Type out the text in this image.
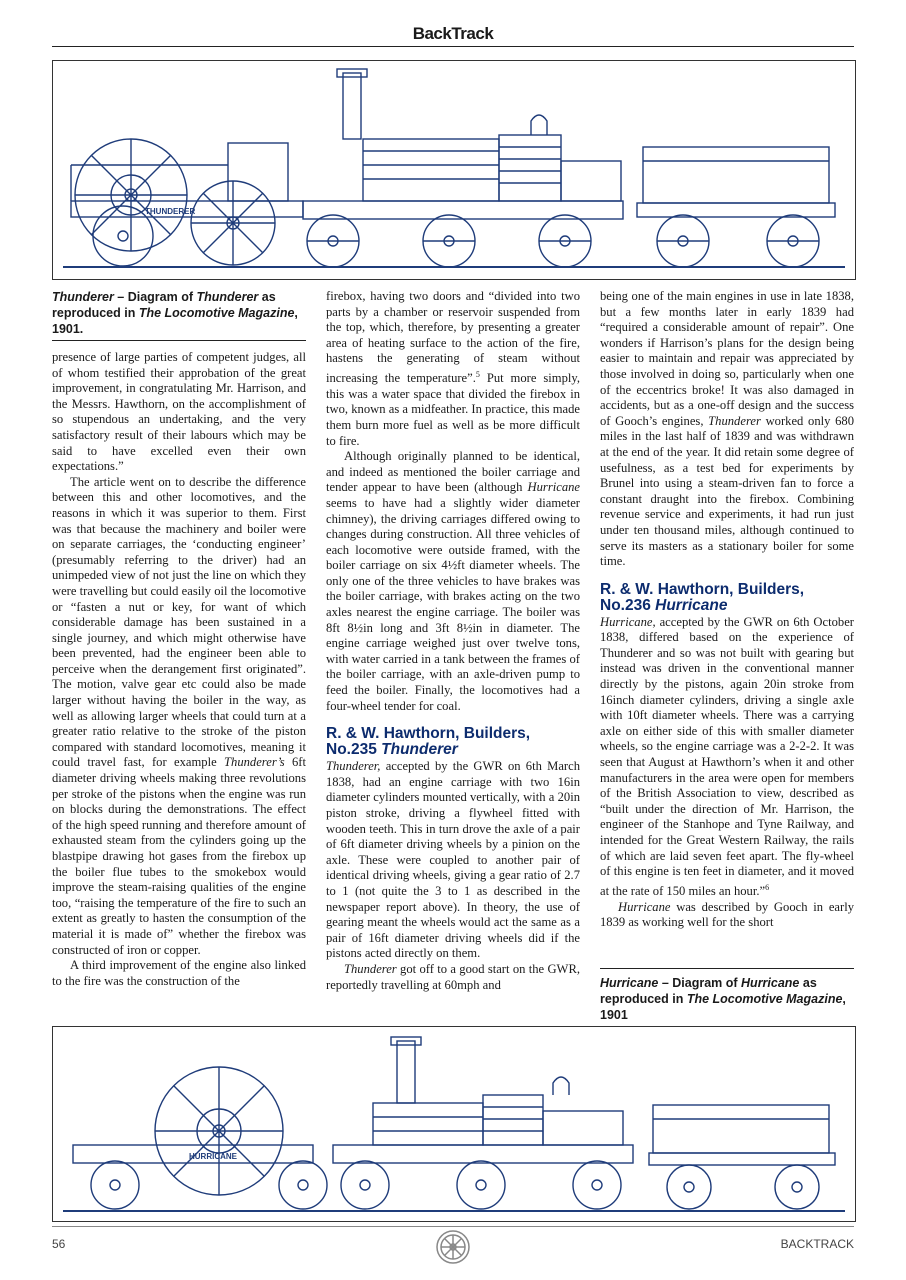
BackTrack
THUNDERER
Thunderer – Diagram of Thunderer as reproduced in The Locomotive Magazine, 1901.

presence of large parties of competent judges, all of whom testified their approbation of the great improvement, in congratulating Mr. Harrison, and the Messrs. Hawthorn, on the accomplishment of so stupendous an undertaking, and the very satisfactory result of their labours which may be said to have excelled even their own expectations.”

The article went on to describe the difference between this and other locomotives, and the reasons in which it was superior to them. First was that because the machinery and boiler were on separate carriages, the ‘conducting engineer’ (presumably referring to the driver) had an unimpeded view of not just the line on which they were travelling but could easily oil the locomotive or “fasten a nut or key, for want of which considerable damage has been sustained in a single journey, and which might otherwise have been prevented, had the engineer been able to perceive when the derangement first originated”. The motion, valve gear etc could also be made larger without having the boiler in the way, as well as allowing larger wheels that could turn at a greater ratio relative to the stroke of the piston compared with standard locomotives, meaning it could travel fast, for example Thunderer’s 6ft diameter driving wheels making three revolutions per stroke of the pistons when the engine was run on blocks during the demonstrations. The effect of the high speed running and therefore amount of exhausted steam from the cylinders going up the blastpipe drawing hot gases from the firebox up the boiler flue tubes to the smokebox would improve the steam-raising qualities of the engine too, “raising the temperature of the fire to such an extent as greatly to hasten the consumption of the material it is made of” whether the firebox was constructed of iron or copper.

A third improvement of the engine also linked to the fire was the construction of the

firebox, having two doors and “divided into two parts by a chamber or reservoir suspended from the top, which, therefore, by presenting a greater area of heating surface to the action of the fire, hastens the generating of steam without increasing the temperature”.$^5$ Put more simply, this was a water space that divided the firebox in two, known as a midfeather. In practice, this made them burn more fuel as well as be more difficult to fire.

Although originally planned to be identical, and indeed as mentioned the boiler carriage and tender appear to have been (although Hurricane seems to have had a slightly wider diameter chimney), the driving carriages differed owing to changes during construction. All three vehicles of each locomotive were outside framed, with the boiler carriage on six 4½ft diameter wheels. The only one of the three vehicles to have brakes was the boiler carriage, with brakes acting on the two axles nearest the engine carriage. The boiler was 8ft 8½in long and 3ft 8½in in diameter. The engine carriage weighed just over twelve tons, with water carried in a tank between the frames of the boiler carriage, with an axle-driven pump to feed the boiler. Finally, the locomotives had a four-wheel tender for coal.

R. & W. Hawthorn, Builders, No.235 Thunderer

Thunderer, accepted by the GWR on 6th March 1838, had an engine carriage with two 16in diameter cylinders mounted vertically, with a 20in piston stroke, driving a flywheel fitted with wooden teeth. This in turn drove the axle of a pair of 6ft diameter driving wheels by a pinion on the axle. These were coupled to another pair of identical driving wheels, giving a gear ratio of 2.7 to 1 (not quite the 3 to 1 as described in the newspaper report above). In theory, the use of gearing meant the wheels would act the same as a pair of 16ft diameter driving wheels did if the pistons acted directly on them.

Thunderer got off to a good start on the GWR, reportedly travelling at 60mph and

being one of the main engines in use in late 1838, but a few months later in early 1839 had “required a considerable amount of repair”. One wonders if Harrison’s plans for the design being easier to maintain and repair was appreciated by those involved in doing so, particularly when one of the eccentrics broke! It was also damaged in accidents, but as a one-off design and the success of Gooch’s engines, Thunderer worked only 680 miles in the last half of 1839 and was withdrawn at the end of the year. It did retain some degree of usefulness, as a test bed for experiments by Brunel into using a steam-driven fan to force a constant draught into the firebox. Combining revenue service and experiments, it had run just under ten thousand miles, although continued to serve its masters as a stationary boiler for some time.

R. & W. Hawthorn, Builders, No.236 Hurricane

Hurricane, accepted by the GWR on 6th October 1838, differed based on the experience of Thunderer and so was not built with gearing but instead was driven in the conventional manner directly by the pistons, again 20in stroke from 16inch diameter cylinders, driving a single axle with 10ft diameter wheels. There was a carrying axle on either side of this with smaller diameter wheels, so the engine carriage was a 2-2-2. It was seen that August at Hawthorn’s when it and other manufacturers in the area were open for members of the British Association to view, described as “built under the direction of Mr. Harrison, the engineer of the Stanhope and Tyne Railway, and intended for the Great Western Railway, the rails of which are laid seven feet apart. The fly-wheel of this engine is ten feet in diameter, and it moved at the rate of 150 miles an hour.”$^6$

Hurricane was described by Gooch in early 1839 as working well for the short

Hurricane – Diagram of Hurricane as reproduced in The Locomotive Magazine, 1901
HURRICANE
56	BACKTRACK
